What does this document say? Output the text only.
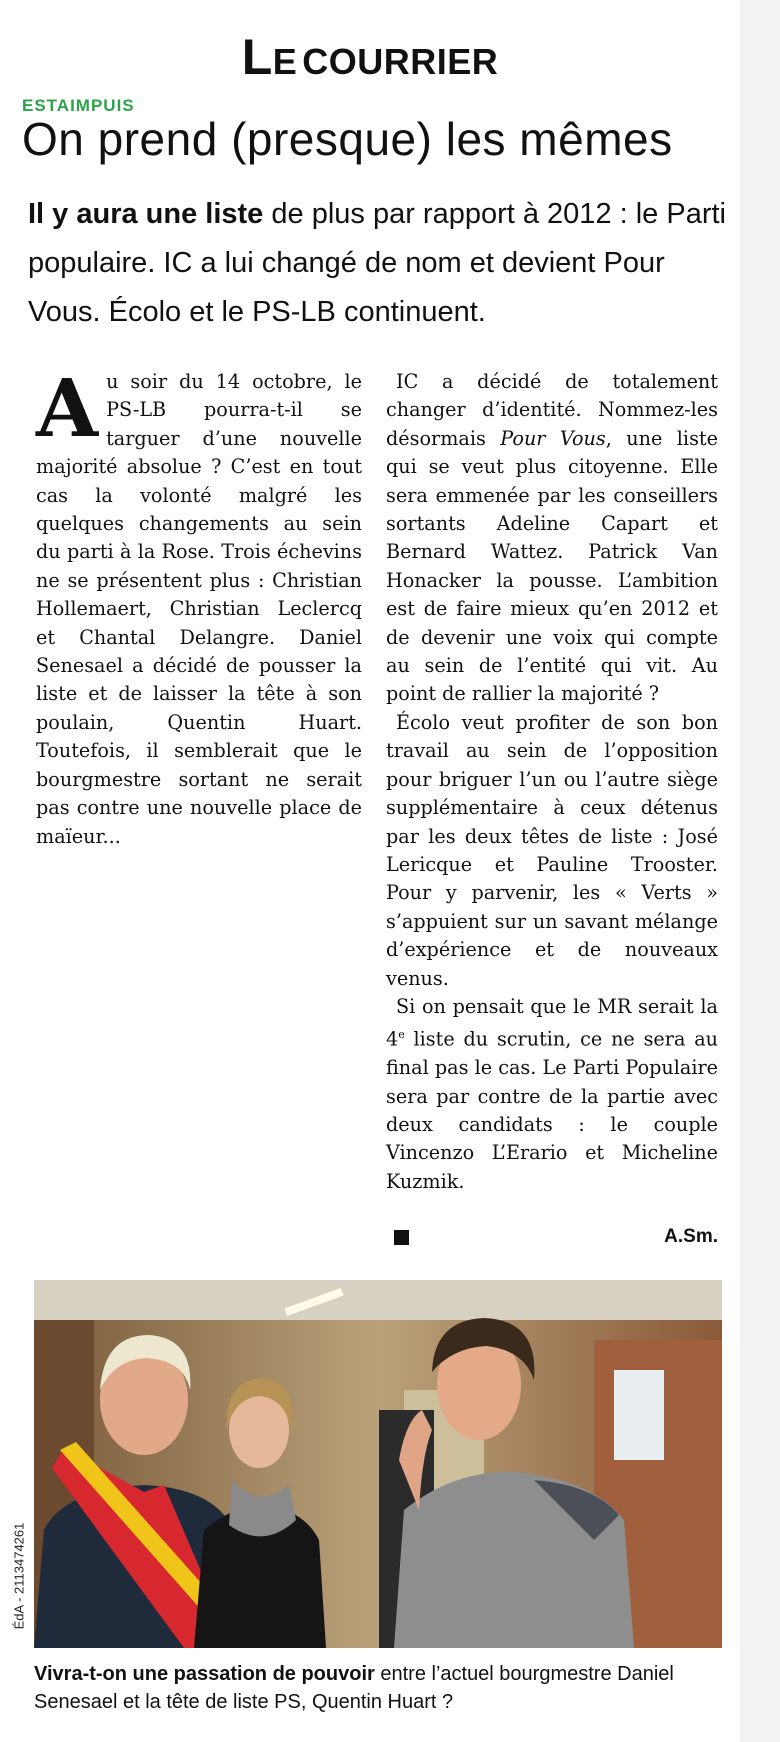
LE COURRIER
ESTAIMPUIS
On prend (presque) les mêmes
Il y aura une liste de plus par rapport à 2012 : le Parti populaire. IC a lui changé de nom et devient Pour Vous. Écolo et le PS-LB continuent.
A u soir du 14 octobre, le PS-LB pourra-t-il se targuer d’une nouvelle majorité absolue ? C’est en tout cas la volonté malgré les quelques changements au sein du parti à la Rose. Trois échevins ne se présentent plus : Christian Hollemaert, Christian Leclercq et Chantal Delangre. Daniel Senesael a décidé de pousser la liste et de laisser la tête à son poulain, Quentin Huart. Toutefois, il semblerait que le bourgmestre sortant ne serait pas contre une nouvelle place de maïeur...

IC a décidé de totalement changer d’identité. Nommez-les désormais Pour Vous, une liste qui se veut plus citoyenne. Elle sera emmenée par les conseillers sortants Adeline Capart et Bernard Wattez. Patrick Van Honacker la pousse. L’ambition est de faire mieux qu’en 2012 et de devenir une voix qui compte au sein de l’entité qui vit. Au point de rallier la majorité ?

Écolo veut profiter de son bon travail au sein de l’opposition pour briguer l’un ou l’autre siège supplémentaire à ceux détenus par les deux têtes de liste : José Lericque et Pauline Trooster. Pour y parvenir, les « Verts » s’appuient sur un savant mélange d’expérience et de nouveaux venus.

Si on pensait que le MR serait la 4e liste du scrutin, ce ne sera au final pas le cas. Le Parti Populaire sera par contre de la partie avec deux candidats : le couple Vincenzo L’Erario et Micheline Kuzmik.

A.Sm.
ÉdA - 2113474261
Vivra-t-on une passation de pouvoir entre l’actuel bourgmestre Daniel Senesael et la tête de liste PS, Quentin Huart ?
